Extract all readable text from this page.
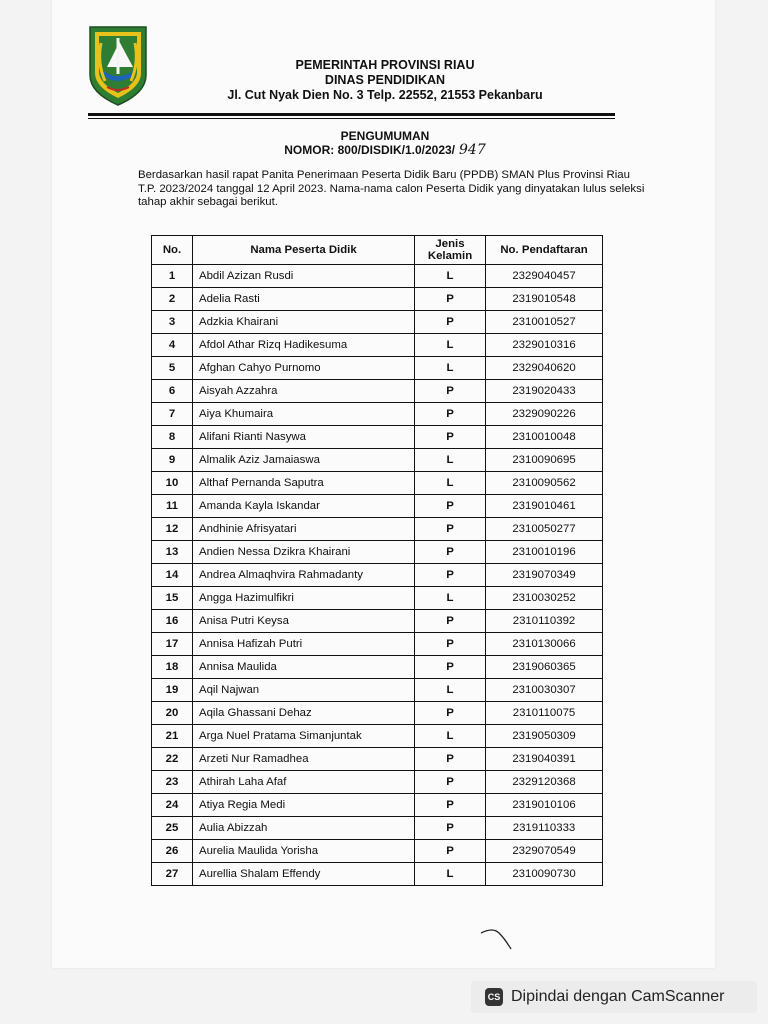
PEMERINTAH PROVINSI RIAU
DINAS PENDIDIKAN
Jl. Cut Nyak Dien No. 3 Telp. 22552, 21553 Pekanbaru
PENGUMUMAN
NOMOR: 800/DISDIK/1.0/2023/ 947
Berdasarkan hasil rapat Panita Penerimaan Peserta Didik Baru (PPDB) SMAN Plus Provinsi Riau T.P. 2023/2024 tanggal 12 April 2023. Nama-nama calon Peserta Didik yang dinyatakan lulus seleksi tahap akhir sebagai berikut.
No.	Nama Peserta Didik	Jenis Kelamin	No. Pendaftaran
1	Abdil Azizan Rusdi	L	2329040457
2	Adelia Rasti	P	2319010548
3	Adzkia Khairani	P	2310010527
4	Afdol Athar Rizq Hadikesuma	L	2329010316
5	Afghan Cahyo Purnomo	L	2329040620
6	Aisyah Azzahra	P	2319020433
7	Aiya Khumaira	P	2329090226
8	Alifani Rianti Nasywa	P	2310010048
9	Almalik Aziz Jamaiaswa	L	2310090695
10	Althaf Pernanda Saputra	L	2310090562
11	Amanda Kayla Iskandar	P	2319010461
12	Andhinie Afrisyatari	P	2310050277
13	Andien Nessa Dzikra Khairani	P	2310010196
14	Andrea Almaqhvira Rahmadanty	P	2319070349
15	Angga Hazimulfikri	L	2310030252
16	Anisa Putri Keysa	P	2310110392
17	Annisa Hafizah Putri	P	2310130066
18	Annisa Maulida	P	2319060365
19	Aqil Najwan	L	2310030307
20	Aqila Ghassani Dehaz	P	2310110075
21	Arga Nuel Pratama Simanjuntak	L	2319050309
22	Arzeti Nur Ramadhea	P	2319040391
23	Athirah Laha Afaf	P	2329120368
24	Atiya Regia Medi	P	2319010106
25	Aulia Abizzah	P	2319110333
26	Aurelia Maulida Yorisha	P	2329070549
27	Aurellia Shalam Effendy	L	2310090730
CS Dipindai dengan CamScanner
